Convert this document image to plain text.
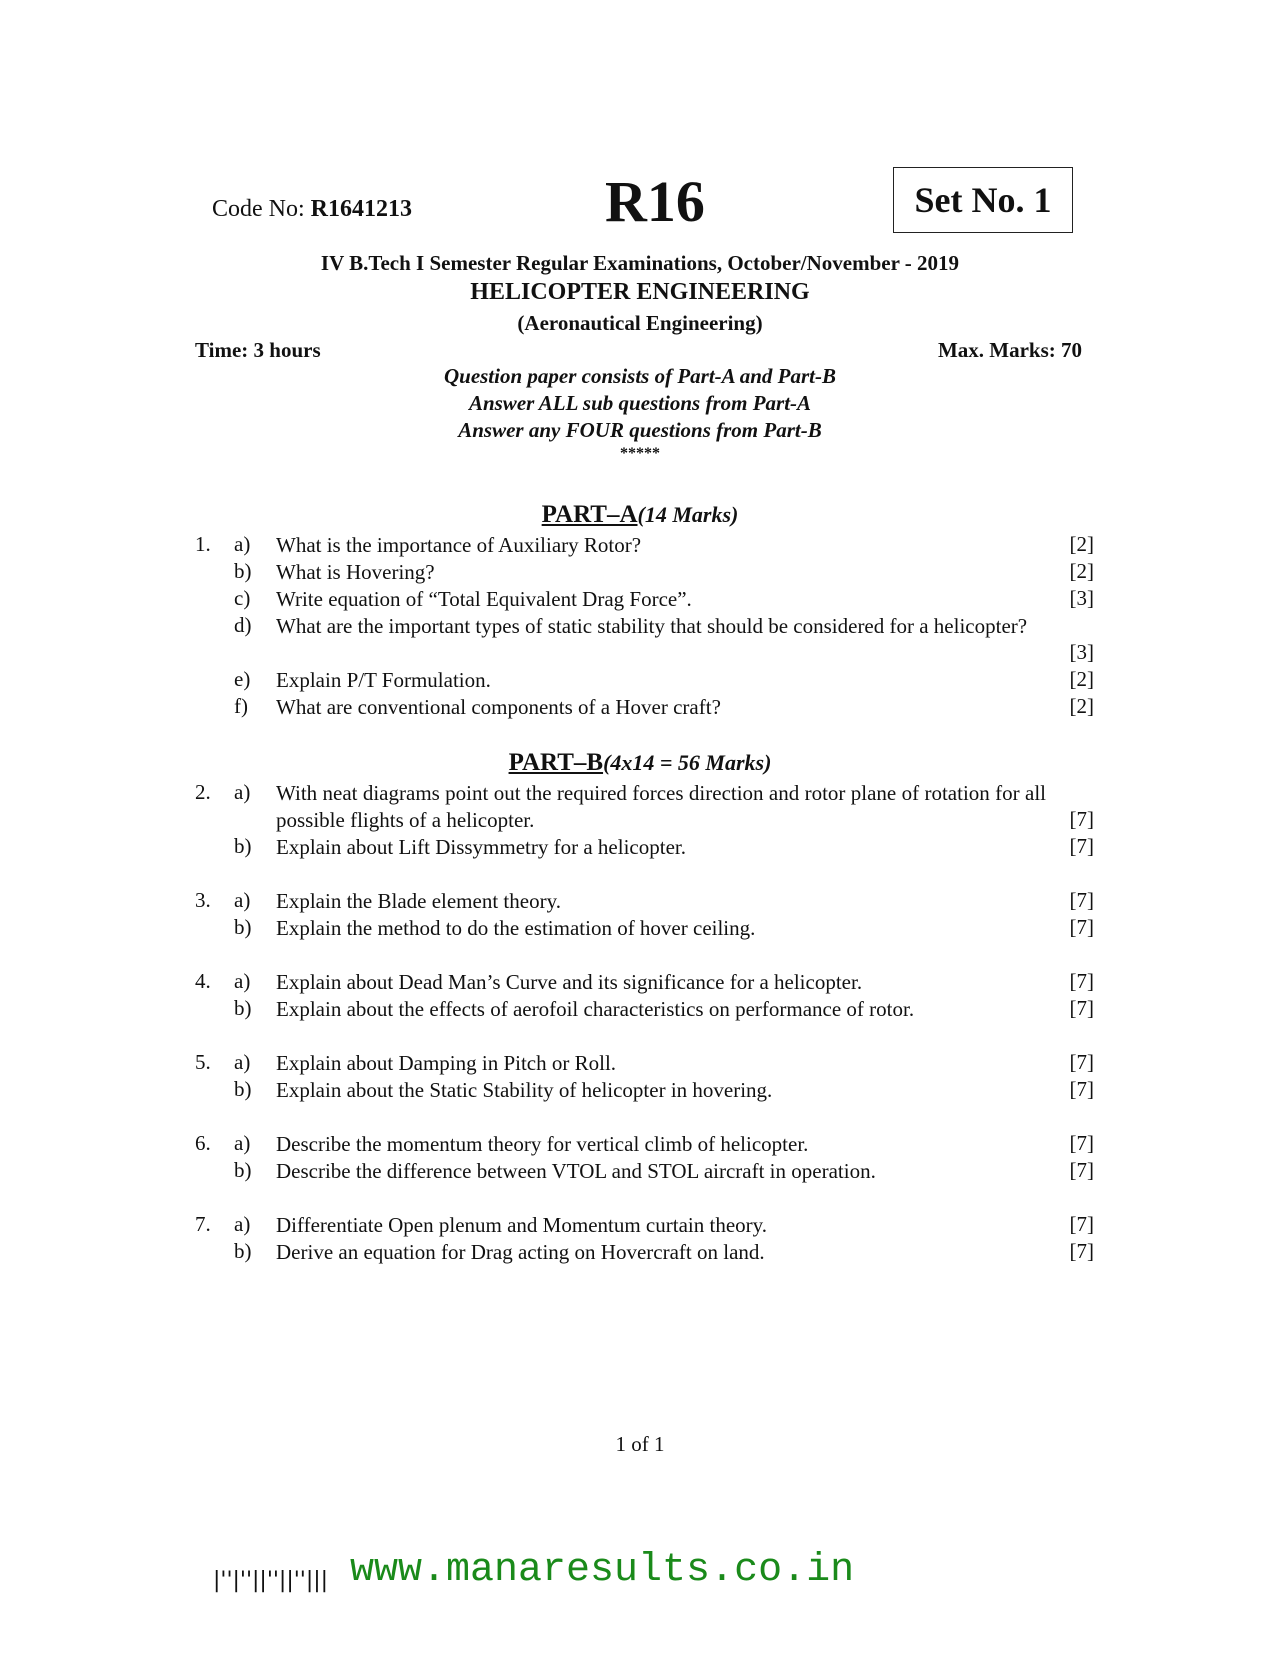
Code No: R1641213	R16	Set No. 1
IV B.Tech I Semester Regular Examinations, October/November - 2019
HELICOPTER ENGINEERING
(Aeronautical Engineering)
Time: 3 hours	Max. Marks: 70
Question paper consists of Part-A and Part-B
Answer ALL sub questions from Part-A
Answer any FOUR questions from Part-B
*****
PART–A(14 Marks)
1.	a)	What is the importance of Auxiliary Rotor?	[2]
b)	What is Hovering?	[2]
c)	Write equation of “Total Equivalent Drag Force”.	[3]
d)	What are the important types of static stability that should be considered for a helicopter?
[3]
e)	Explain P/T Formulation.	[2]
f)	What are conventional components of a Hover craft?	[2]
PART–B(4x14 = 56 Marks)
2.	a)	With neat diagrams point out the required forces direction and rotor plane of rotation for all possible flights of a helicopter.	[7]
b)	Explain about Lift Dissymmetry for a helicopter.	[7]
3.	a)	Explain the Blade element theory.	[7]
b)	Explain the method to do the estimation of hover ceiling.	[7]
4.	a)	Explain about Dead Man’s Curve and its significance for a helicopter.	[7]
b)	Explain about the effects of aerofoil characteristics on performance of rotor.	[7]
5.	a)	Explain about Damping in Pitch or Roll.	[7]
b)	Explain about the Static Stability of helicopter in hovering.	[7]
6.	a)	Describe the momentum theory for vertical climb of helicopter.	[7]
b)	Describe the difference between VTOL and STOL aircraft in operation.	[7]
7.	a)	Differentiate Open plenum and Momentum curtain theory.	[7]
b)	Derive an equation for Drag acting on Hovercraft on land.	[7]
1 of 1
|''|''||''||''||| www.manaresults.co.in
